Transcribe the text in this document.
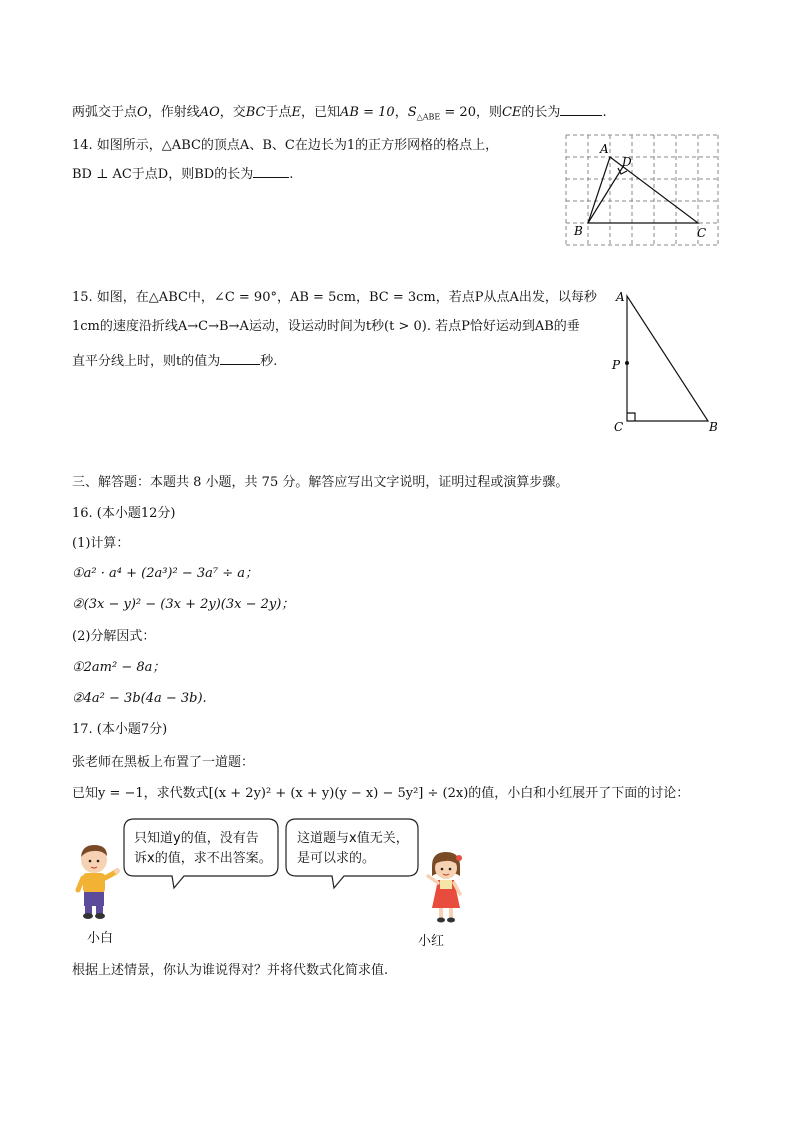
两弧交于点O，作射线AO，交BC于点E，已知AB = 10，$S_{\triangle ABE} = 20$，则CE的长为	.
14. 如图所示，△ABC的顶点A、B、C在边长为1的正方形网格的格点上，
BD ⊥ AC于点D，则BD的长为	.
A
D
B	C
15. 如图，在△ABC中，∠C = 90°，AB = 5cm，BC = 3cm，若点P从点A出发，以每秒
1cm的速度沿折线A→C→B→A运动，设运动时间为t秒(t > 0). 若点P恰好运动到AB的垂
直平分线上时，则t的值为	秒.
A
P
C	B
三、解答题：本题共 8 小题，共 75 分。解答应写出文字说明，证明过程或演算步骤。
16. (本小题12分)
(1)计算：
①a² · a⁴ + (2a³)² − 3a⁷ ÷ a；
②(3x − y)² − (3x + 2y)(3x − 2y)；
(2)分解因式：
①2am² − 8a；
②4a² − 3b(4a − 3b).
17. (本小题7分)
张老师在黑板上布置了一道题：
已知y = −1，求代数式[(x + 2y)² + (x + y)(y − x) − 5y²] ÷ (2x)的值，小白和小红展开了下面的讨论：
只知道y的值，没有告
诉x的值，求不出答案。
这道题与x值无关，
是可以求的。
小白	小红
根据上述情景，你认为谁说得对？并将代数式化简求值.
